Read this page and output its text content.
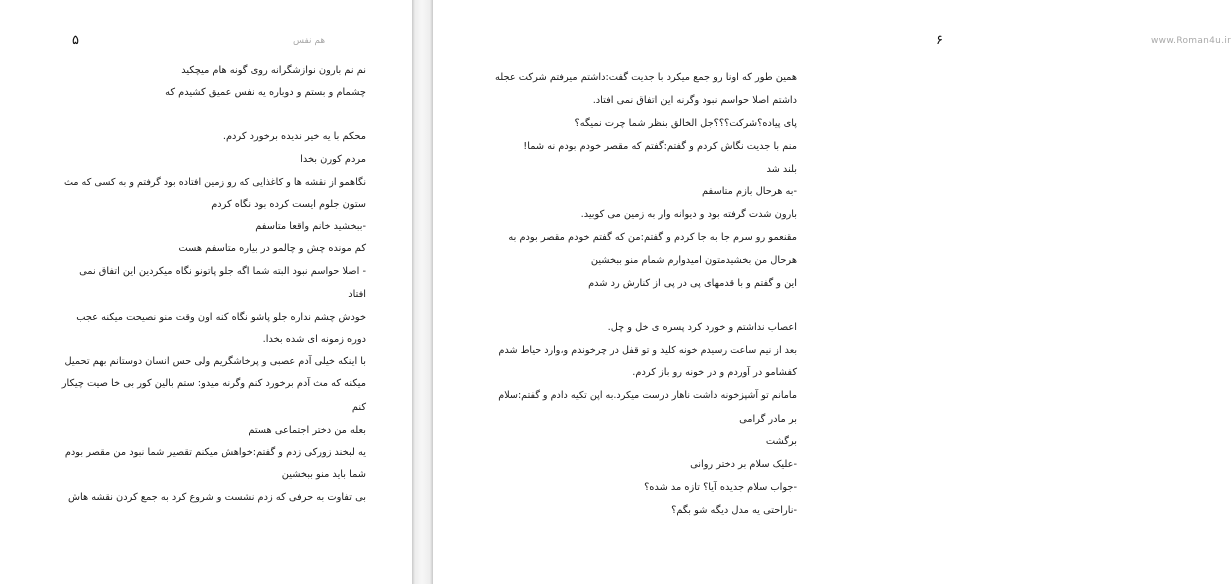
۵	هم نفس	۶	www.Roman4u.ir
نم نم بارون نوازشگرانه روی گونه هام میچکید
چشمام و بستم و دوباره یه نفس عمیق کشیدم که
محکم با یه خیر ندیده برخورد کردم.
مردم کورن بخدا
نگاهمو از نقشه ها و کاغذایی که رو زمین افتاده بود گرفتم و به کسی که مث
ستون جلوم ایست کرده بود نگاه کردم
-ببخشید خانم واقعا متاسفم
کم مونده چش و چالمو در بیاره متاسفم هست
- اصلا حواسم نبود البته شما اگه جلو پاتونو نگاه میکردین این اتفاق نمی
افتاد
خودش چشم نداره جلو پاشو نگاه کنه اون وقت منو نصیحت میکنه عجب
دوره زمونه ای شده بخدا.
با اینکه خیلی آدم عصبی و پرخاشگریم ولی حس انسان دوستانم بهم تحمیل
میکنه که مث آدم برخورد کنم وگرنه میدو: ستم بالین کور بی خا صیت چیکار
کنم
بعله من دختر اجتماعی هستم
یه لبخند زورکی زدم و گفتم:خواهش میکنم تقصیر شما نبود من مقصر بودم
شما باید منو ببخشین
بی تفاوت به حرفی که زدم نشست و شروع کرد به جمع کردن نقشه هاش
همین طور که اونا رو جمع میکرد با جدیت گفت:داشتم میرفتم شرکت عجله
داشتم اصلا حواسم نبود وگرنه این اتفاق نمی افتاد.
پای پیاده؟شرکت؟؟؟جل الخالق بنظر شما چرت نمیگه؟
منم با جدیت نگاش کردم و گفتم:گفتم که مقصر خودم بودم نه شما!
بلند شد
-به هرحال بازم متاسفم
بارون شدت گرفته بود و دیوانه وار به زمین می کوبید.
مقنعمو رو سرم جا به جا کردم و گفتم:من که گفتم خودم مقصر بودم به
هرحال من بخشیدمتون امیدوارم شمام منو ببخشین
این و گفتم و با قدمهای پی در پی از کنارش رد شدم
اعصاب نداشتم و خورد کرد پسره ی خل و چل.
بعد از نیم ساعت رسیدم خونه کلید و تو قفل در چرخوندم و،وارد حیاط شدم
کفشامو در آوردم و در خونه رو باز کردم.
مامانم تو آشپزخونه داشت ناهار درست میکرد.به اپن تکیه دادم و گفتم:سلام
بر مادر گرامی
برگشت
-علیک سلام بر دختر روانی
-جواب سلام جدیده آیا؟ تازه مد شده؟
-ناراحتی یه مدل دیگه شو بگم؟
